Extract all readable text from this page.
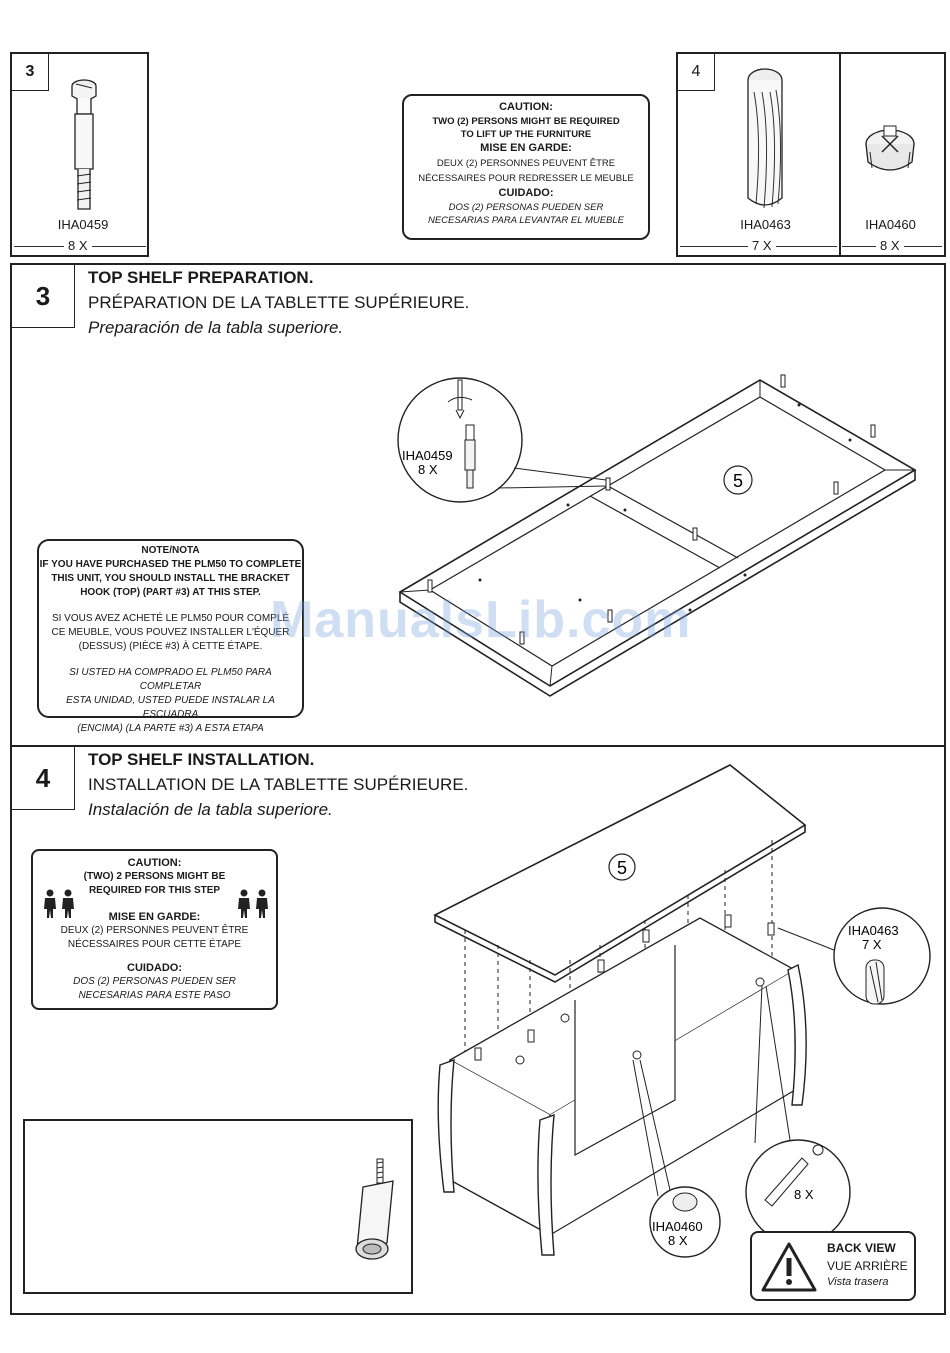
3
IHA0459
8 X
CAUTION:
TWO (2) PERSONS MIGHT BE REQUIRED
TO LIFT UP THE FURNITURE
MISE EN GARDE:
DEUX (2) PERSONNES PEUVENT ÊTRE
NÉCESSAIRES POUR REDRESSER LE MEUBLE
CUIDADO:
DOS (2) PERSONAS PUEDEN SER
NECESARIAS PARA LEVANTAR EL MUEBLE
4
IHA0463
7 X
IHA0460
8 X
3
TOP SHELF PREPARATION.
PRÉPARATION DE LA TABLETTE SUPÉRIEURE.
Preparación de la tabla superiore.
5
IHA0459
8 X
NOTE/NOTA
IF YOU HAVE PURCHASED THE PLM50 TO COMPLETE
THIS UNIT, YOU SHOULD INSTALL THE BRACKET
HOOK (TOP) (PART #3) AT THIS STEP.
SI VOUS AVEZ ACHETÉ LE PLM50 POUR COMPLÉ
CE MEUBLE, VOUS POUVEZ INSTALLER L'ÉQUER
(DESSUS) (PIÈCE #3) À CETTE ÉTAPE.
SI USTED HA COMPRADO EL PLM50 PARA COMPLETAR
ESTA UNIDAD, USTED PUEDE INSTALAR LA ESCUADRA
(ENCIMA) (LA PARTE #3) A ESTA ETAPA
ManualsLib.com
4
TOP SHELF INSTALLATION.
INSTALLATION DE LA TABLETTE SUPÉRIEURE.
Instalación de la tabla superiore.
CAUTION:
(TWO) 2 PERSONS MIGHT BE
REQUIRED FOR THIS STEP
MISE EN GARDE:
DEUX (2) PERSONNES PEUVENT ÊTRE
NÉCESSAIRES POUR CETTE ÉTAPE
CUIDADO:
DOS (2) PERSONAS PUEDEN SER
NECESARIAS PARA ESTE PASO
5
IHA0460
8 X
8 X
IHA0463
7 X
BACK VIEW
VUE ARRIÈRE
Vista trasera
